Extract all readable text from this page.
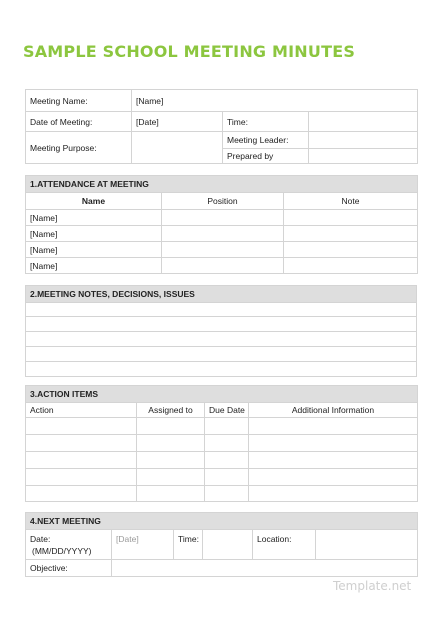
SAMPLE SCHOOL MEETING MINUTES
Meeting Name:	[Name]		
Date of Meeting:	[Date]	Time:	
Meeting Purpose:		Meeting Leader:	
		Prepared by	
1.ATTENDANCE AT MEETING		
Name	Position	Note
[Name]		
[Name]		
[Name]		
[Name]		
2.MEETING NOTES, DECISIONS, ISSUES

3.ACTION ITEMS			
Action	Assigned to	Due Date	Additional Information

4.NEXT MEETING					

Date:
(MM/DD/YYYY)	[Date]	Time:		Location:	
Objective:					
Template.net
